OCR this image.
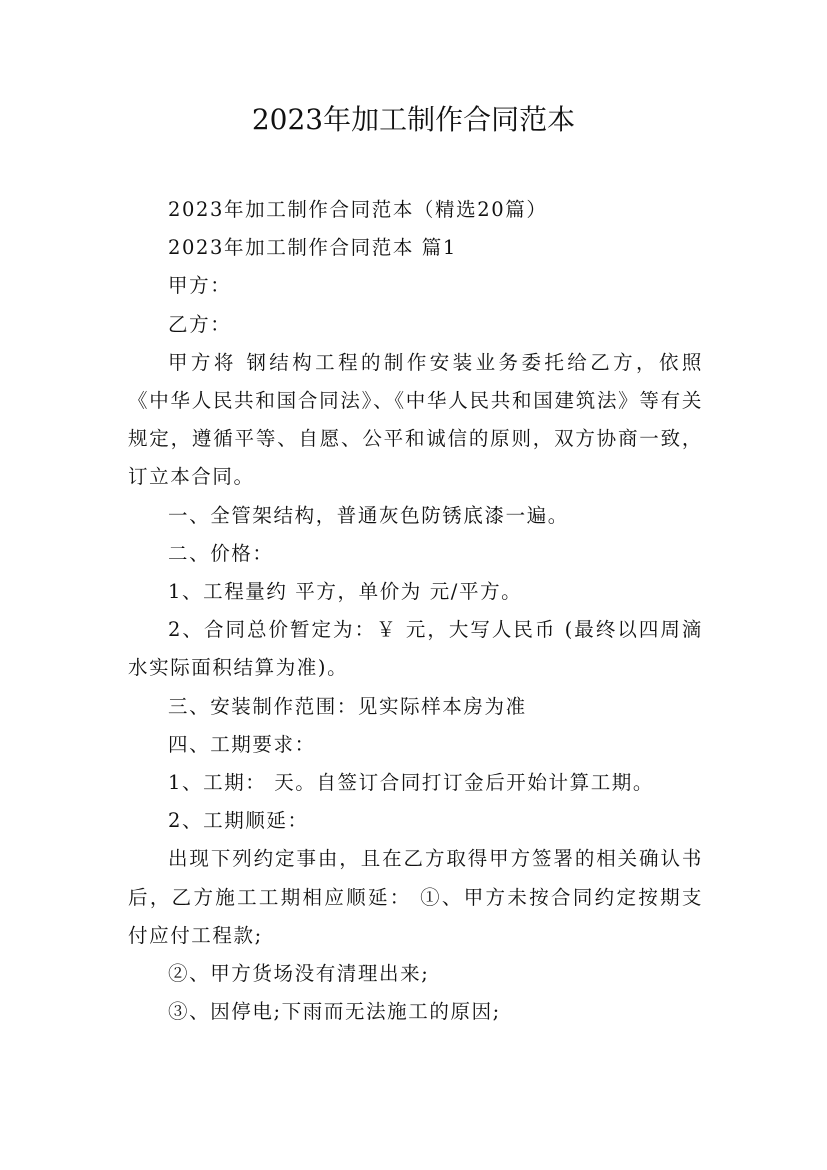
2023年加工制作合同范本

2023年加工制作合同范本（精选20篇）

2023年加工制作合同范本 篇1

甲方：

乙方：

甲方将 钢结构工程的制作安装业务委托给乙方，依照《中华人民共和国合同法》、《中华人民共和国建筑法》等有关规定，遵循平等、自愿、公平和诚信的原则，双方协商一致，订立本合同。

一、全管架结构，普通灰色防锈底漆一遍。

二、价格：

1、工程量约 平方，单价为 元/平方。

2、合同总价暂定为：￥ 元，大写人民币 (最终以四周滴水实际面积结算为准)。

三、安装制作范围：见实际样本房为准

四、工期要求：

1、工期： 天。自签订合同打订金后开始计算工期。

2、工期顺延：

出现下列约定事由，且在乙方取得甲方签署的相关确认书后，乙方施工工期相应顺延： ①、甲方未按合同约定按期支付应付工程款;

②、甲方货场没有清理出来;

③、因停电;下雨而无法施工的原因;
